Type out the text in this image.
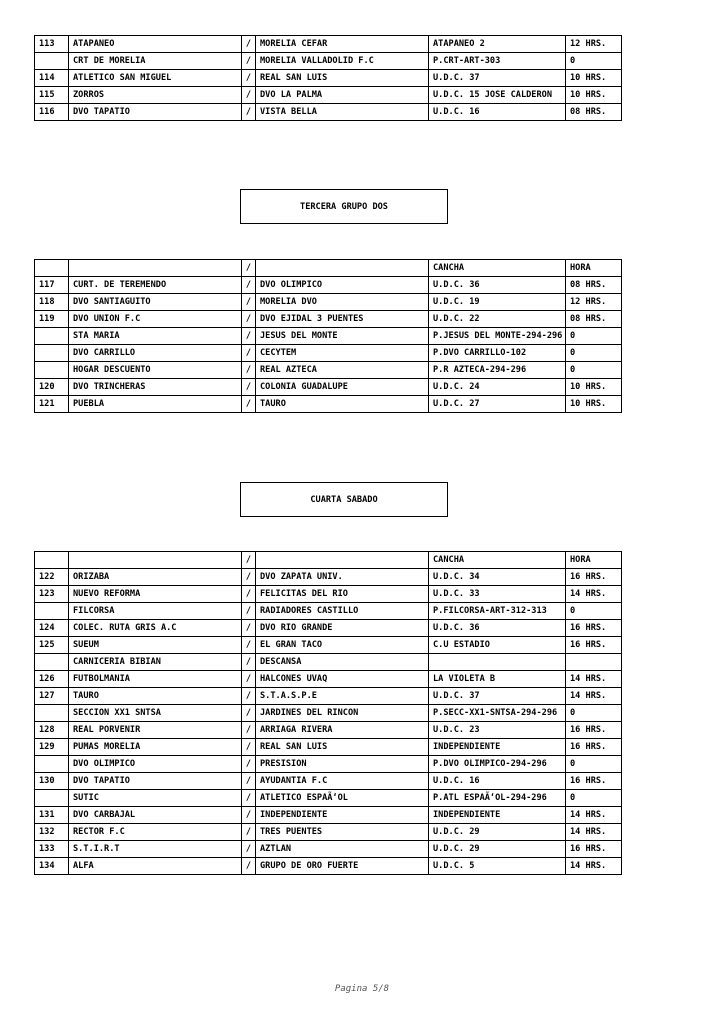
113	ATAPANEO	/	MORELIA CEFAR	ATAPANEO 2	12 HRS.
	CRT DE MORELIA	/	MORELIA VALLADOLID F.C	P.CRT-ART-303	0
114	ATLETICO SAN MIGUEL	/	REAL SAN LUIS	U.D.C. 37	10 HRS.
115	ZORROS	/	DVO LA PALMA	U.D.C. 15 JOSE CALDERON	10 HRS.
116	DVO TAPATIO	/	VISTA BELLA	U.D.C. 16	08 HRS.
TERCERA GRUPO DOS
		/		CANCHA	HORA
117	CURT. DE TEREMENDO	/	DVO OLIMPICO	U.D.C. 36	08 HRS.
118	DVO SANTIAGUITO	/	MORELIA DVO	U.D.C. 19	12 HRS.
119	DVO UNION F.C	/	DVO EJIDAL 3 PUENTES	U.D.C. 22	08 HRS.
	STA MARIA	/	JESUS DEL MONTE	P.JESUS DEL MONTE-294-296	0
	DVO CARRILLO	/	CECYTEM	P.DVO CARRILLO-102	0
	HOGAR DESCUENTO	/	REAL AZTECA	P.R AZTECA-294-296	0
120	DVO TRINCHERAS	/	COLONIA GUADALUPE	U.D.C. 24	10 HRS.
121	PUEBLA	/	TAURO	U.D.C. 27	10 HRS.
CUARTA SABADO
		/		CANCHA	HORA
122	ORIZABA	/	DVO ZAPATA UNIV.	U.D.C. 34	16 HRS.
123	NUEVO REFORMA	/	FELICITAS DEL RIO	U.D.C. 33	14 HRS.
	FILCORSA	/	RADIADORES CASTILLO	P.FILCORSA-ART-312-313	0
124	COLEC. RUTA GRIS A.C	/	DVO RIO GRANDE	U.D.C. 36	16 HRS.
125	SUEUM	/	EL GRAN TACO	C.U ESTADIO	16 HRS.
	CARNICERIA BIBIAN	/	DESCANSA		
126	FUTBOLMANIA	/	HALCONES UVAQ	LA VIOLETA B	14 HRS.
127	TAURO	/	S.T.A.S.P.E	U.D.C. 37	14 HRS.
	SECCION XX1 SNTSA	/	JARDINES DEL RINCON	P.SECC-XX1-SNTSA-294-296	0
128	REAL PORVENIR	/	ARRIAGA RIVERA	U.D.C. 23	16 HRS.
129	PUMAS MORELIA	/	REAL SAN LUIS	INDEPENDIENTE	16 HRS.
	DVO OLIMPICO	/	PRESISION	P.DVO OLIMPICO-294-296	0
130	DVO TAPATIO	/	AYUDANTIA F.C	U.D.C. 16	16 HRS.
	SUTIC	/	ATLETICO ESPAÃ‘OL	P.ATL ESPAÃ‘OL-294-296	0
131	DVO CARBAJAL	/	INDEPENDIENTE	INDEPENDIENTE	14 HRS.
132	RECTOR F.C	/	TRES PUENTES	U.D.C. 29	14 HRS.
133	S.T.I.R.T	/	AZTLAN	U.D.C. 29	16 HRS.
134	ALFA	/	GRUPO DE ORO FUERTE	U.D.C. 5	14 HRS.
Pagina 5/8
